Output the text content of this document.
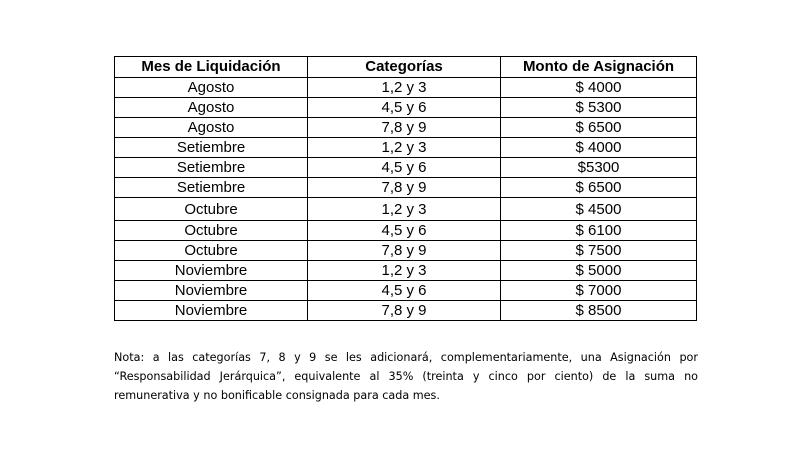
Mes de Liquidación	Categorías	Monto de Asignación
Agosto	1,2 y 3	$ 4000
Agosto	4,5 y 6	$ 5300
Agosto	7,8 y 9	$ 6500
Setiembre	1,2 y 3	$ 4000
Setiembre	4,5 y 6	$5300
Setiembre	7,8 y 9	$ 6500
Octubre	1,2 y 3	$ 4500
Octubre	4,5 y 6	$ 6100
Octubre	7,8 y 9	$ 7500
Noviembre	1,2 y 3	$ 5000
Noviembre	4,5 y 6	$ 7000
Noviembre	7,8 y 9	$ 8500

Nota: a las categorías 7, 8 y 9 se les adicionará, complementariamente, una Asignación por “Responsabilidad Jerárquica”, equivalente al 35% (treinta y cinco por ciento) de la suma no remunerativa y no bonificable consignada para cada mes.
